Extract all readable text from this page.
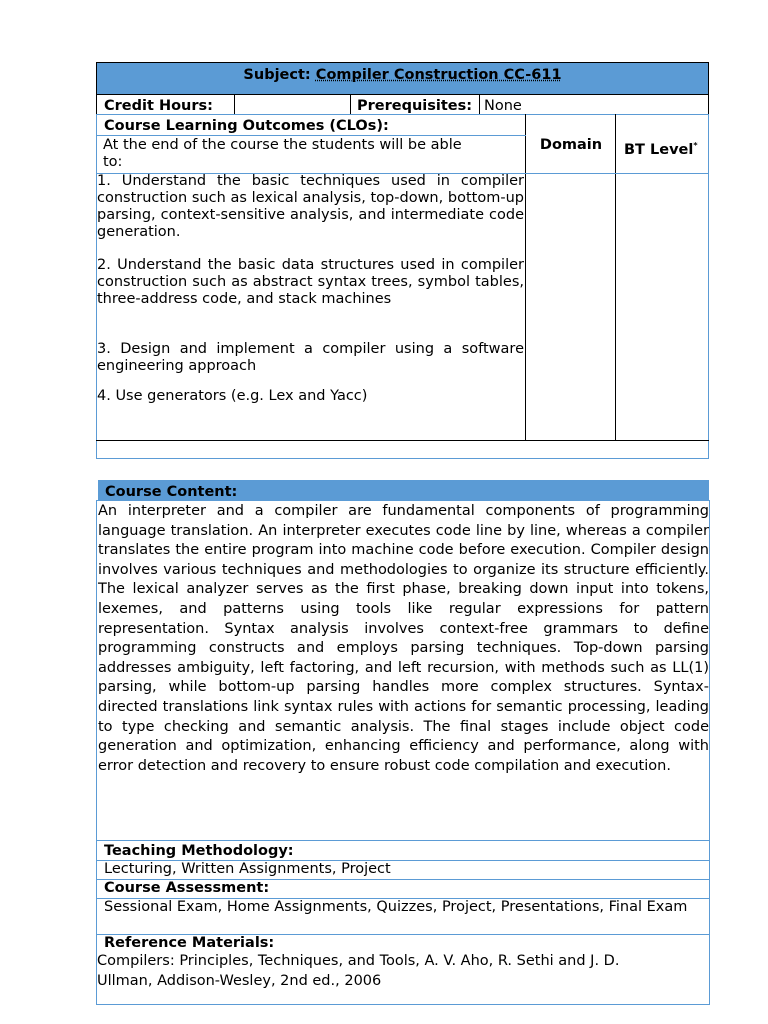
Subject: Compiler Construction CC-611
Credit Hours:	Prerequisites: None
Course Learning Outcomes (CLOs):
At the end of the course the students will be able to:
Domain	BT Level*
1. Understand the basic techniques used in compiler construction such as lexical analysis, top-down, bottom-up parsing, context-sensitive analysis, and intermediate code generation.
2. Understand the basic data structures used in compiler construction such as abstract syntax trees, symbol tables, three-address code, and stack machines
3. Design and implement a compiler using a software engineering approach
4. Use generators (e.g. Lex and Yacc)
Course Content:
An interpreter and a compiler are fundamental components of programming language translation. An interpreter executes code line by line, whereas a compiler translates the entire program into machine code before execution. Compiler design involves various techniques and methodologies to organize its structure efficiently. The lexical analyzer serves as the first phase, breaking down input into tokens, lexemes, and patterns using tools like regular expressions for pattern representation. Syntax analysis involves context-free grammars to define programming constructs and employs parsing techniques. Top-down parsing addresses ambiguity, left factoring, and left recursion, with methods such as LL(1) parsing, while bottom-up parsing handles more complex structures. Syntax-directed translations link syntax rules with actions for semantic processing, leading to type checking and semantic analysis. The final stages include object code generation and optimization, enhancing efficiency and performance, along with error detection and recovery to ensure robust code compilation and execution.
Teaching Methodology:
Lecturing, Written Assignments, Project
Course Assessment:
Sessional Exam, Home Assignments, Quizzes, Project, Presentations, Final Exam
Reference Materials:
Compilers: Principles, Techniques, and Tools, A. V. Aho, R. Sethi and J. D. Ullman, Addison-Wesley, 2nd ed., 2006
